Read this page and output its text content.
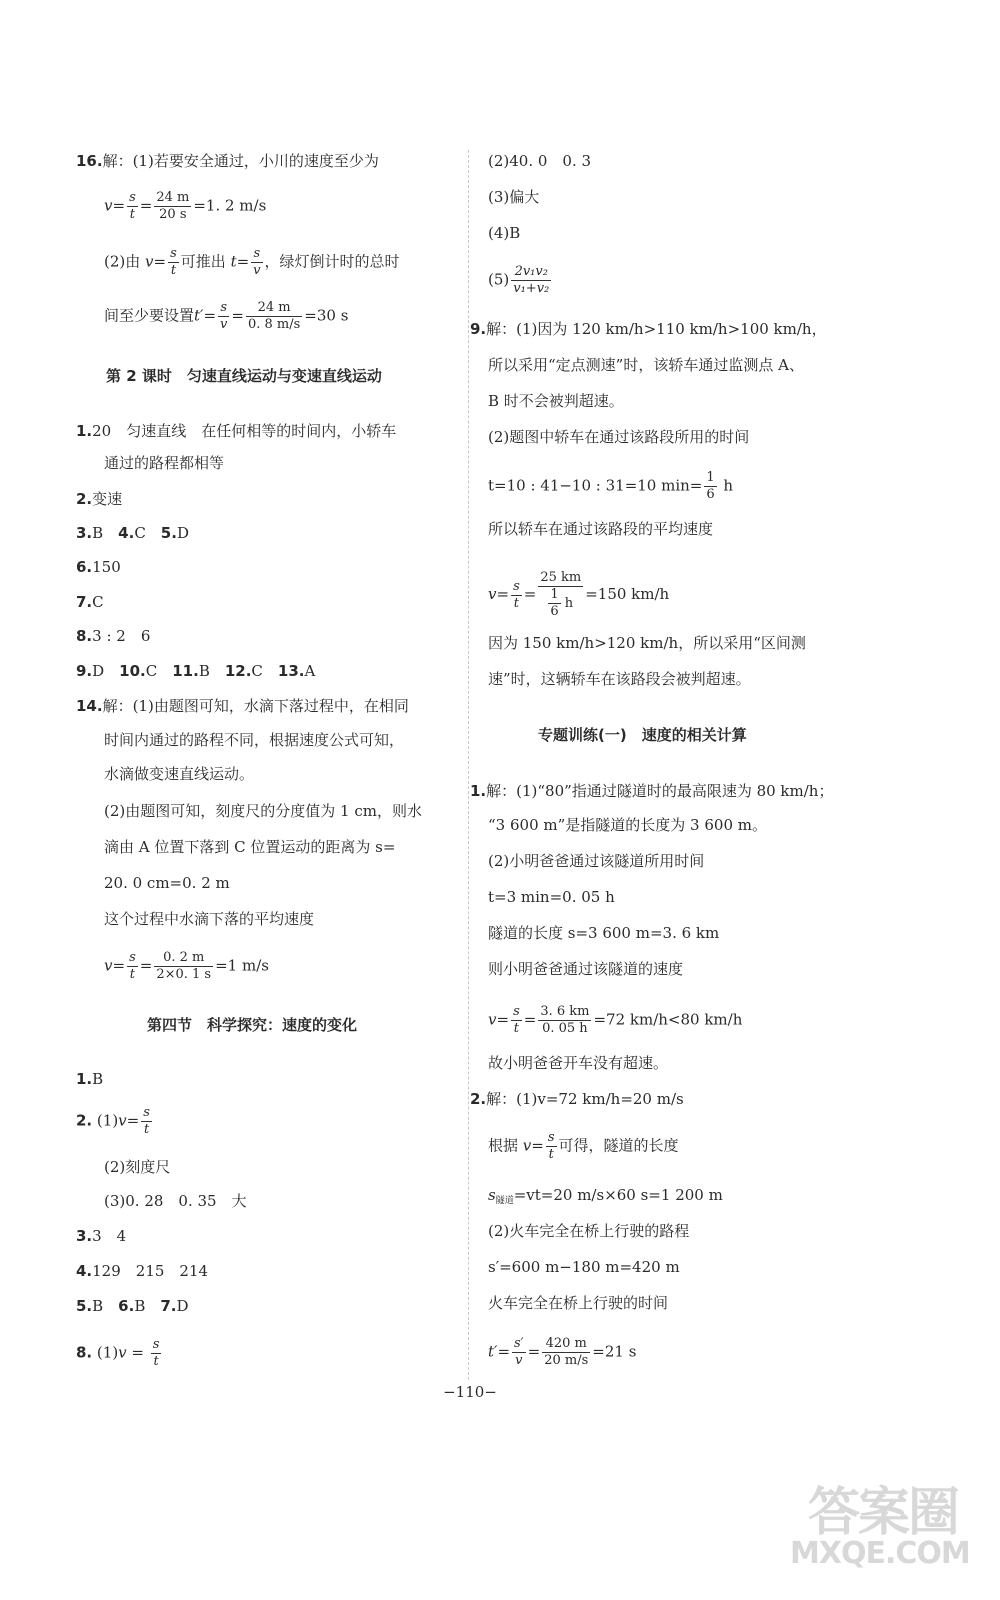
16.解：(1)若要安全通过，小川的速度至少为
$v= \frac{s}{t} = \frac{24 m}{20 s} =1$. 2 m/s
(2)由 $v= \frac{s}{t}$ 可推出 $t= \frac{s}{v}$ ，绿灯倒计时的总时
间至少要设置$t'= \frac{s}{v} = \frac{24 m}{0. 8 m/s} =30$ s
第 2 课时　匀速直线运动与变速直线运动
1.20　匀速直线　在任何相等的时间内，小轿车
通过的路程都相等
2.变速
3.B　4.C　5.D
6.150
7.C
8.3 : 2　6
9.D　10.C　11.B　12.C　13.A
14.解：(1)由题图可知，水滴下落过程中，在相同
时间内通过的路程不同，根据速度公式可知，
水滴做变速直线运动。
(2)由题图可知，刻度尺的分度值为 1 cm，则水
滴由 A 位置下落到 C 位置运动的距离为 s=
20. 0 cm=0. 2 m
这个过程中水滴下落的平均速度
$v= \frac{s}{t} = \frac{0. 2 m}{2\times 0. 1 s} =1$ m/s
第四节　科学探究：速度的变化
1.B
2. $(1)v= \frac{s}{t}$
(2)刻度尺
(3)0. 28　0. 35　大
3.3　4
4.129　215　214
5.B　6.B　7.D
8. $(1)v = \frac{s}{t}$
(2)40. 0　0. 3
(3)偏大
(4)B
$(5) \frac{\text{2v₁v₂}}{\text{v₁+v₂}}$
9.解：(1)因为 120 km/h>110 km/h>100 km/h，
所以采用“定点测速”时，该轿车通过监测点 A、
B 时不会被判超速。
(2)题图中轿车在通过该路段所用的时间
t=10 : 41−10 : 31=10 $\min= \frac{1}{6}$ h
所以轿车在通过该路段的平均速度
$v= \frac{s}{t} = \frac{25 km}{\frac{1}{6} h} =150$ km/h
因为 150 km/h>120 km/h，所以采用“区间测
速”时，这辆轿车在该路段会被判超速。
专题训练(一)　速度的相关计算
1.解：(1)“80”指通过隧道时的最高限速为 80 km/h；
“3 600 m”是指隧道的长度为 3 600 m。
(2)小明爸爸通过该隧道所用时间
t=3 min=0. 05 h
隧道的长度 s=3 600 m=3. 6 km
则小明爸爸通过该隧道的速度
$v= \frac{s}{t} = \frac{3. 6 km}{0. 05 h} =72$ km/h<80 km/h
故小明爸爸开车没有超速。
2.解：(1)v=72 km/h=20 m/s
根据 $v= \frac{s}{t}$ 可得，隧道的长度
$s_{隧道}=vt=20$ m/s×60 s=1 200 m
(2)火车完全在桥上行驶的路程
s′=600 m−180 m=420 m
火车完全在桥上行驶的时间
$t'= \frac{s'}{v} = \frac{420 m}{20 m/s} =21$ s
−110−
答案圈
MXQE.COM
